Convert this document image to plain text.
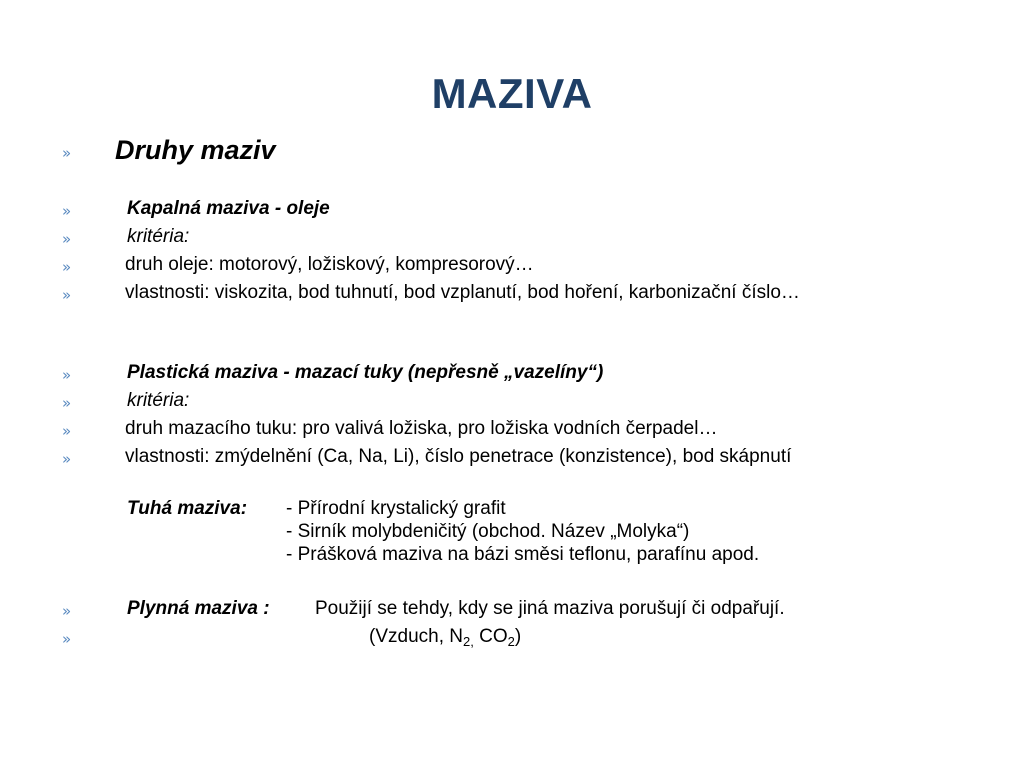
MAZIVA
» Druhy maziv
»	Kapalná maziva - oleje
»	kritéria:
»	druh oleje: motorový, ložiskový, kompresorový…
»	vlastnosti: viskozita, bod tuhnutí, bod vzplanutí, bod hoření, karbonizační číslo…
»	Plastická maziva - mazací tuky (nepřesně „vazelíny“)
»	kritéria:
»	druh mazacího tuku: pro valivá ložiska, pro ložiska vodních čerpadel…
»	vlastnosti: zmýdelnění (Ca, Na, Li), číslo penetrace (konzistence), bod skápnutí
Tuhá maziva: - Přírodní krystalický grafit
- Sirník molybdeničitý (obchod. Název „Molyka“)
- Prášková maziva na bázi směsi teflonu, parafínu apod.
»	Plynná maziva : Použijí se tehdy, kdy se jiná maziva porušují či odpařují.
»	(Vzduch, $N_{2,}$ $CO_2$)
